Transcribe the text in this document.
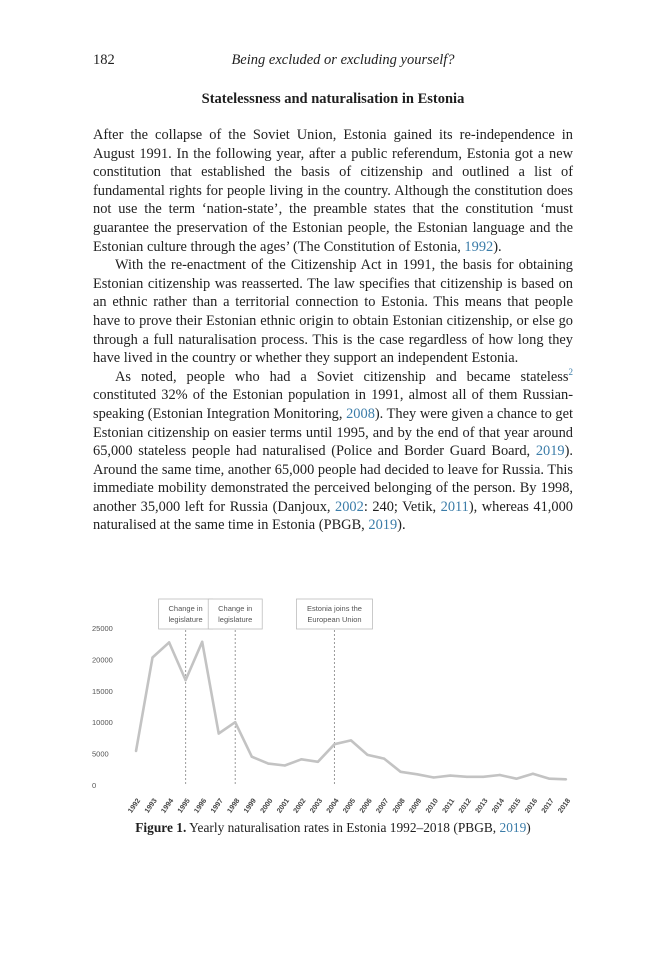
182	Being excluded or excluding yourself?
Statelessness and naturalisation in Estonia

After the collapse of the Soviet Union, Estonia gained its re-independence in August 1991. In the following year, after a public referendum, Estonia got a new constitution that established the basis of citizenship and outlined a list of fundamental rights for people living in the country. Although the constitution does not use the term ‘nation-state’, the preamble states that the constitution ‘must guarantee the preservation of the Estonian people, the Estonian language and the Estonian culture through the ages’ (The Constitution of Estonia, 1992).

With the re-enactment of the Citizenship Act in 1991, the basis for obtaining Estonian citizenship was reasserted. The law specifies that citizenship is based on an ethnic rather than a territorial connection to Estonia. This means that people have to prove their Estonian ethnic origin to obtain Estonian citizenship, or else go through a full naturalisation process. This is the case regardless of how long they have lived in the country or whether they support an independent Estonia.

As noted, people who had a Soviet citizenship and became stateless$^2$ constituted 32% of the Estonian population in 1991, almost all of them Russian-speaking (Estonian Integration Monitoring, 2008). They were given a chance to get Estonian citizenship on easier terms until 1995, and by the end of that year around 65,000 stateless people had naturalised (Police and Border Guard Board, 2019). Around the same time, another 65,000 people had decided to leave for Russia. This immediate mobility demonstrated the perceived belonging of the person. By 1998, another 35,000 left for Russia (Danjoux, 2002: 240; Vetik, 2011), whereas 41,000 naturalised at the same time in Estonia (PBGB, 2019).

0
5000
10000
15000
20000
25000
Change in
legislature
Change in
legislature
Estonia joins the
European Union
1992 1993 1994 1995 1996 1997 1998 1999 2000 2001 2002 2003 2004 2005 2006 2007 2008 2009 2010 2011 2012 2013 2014 2015 2016 2017 2018
Figure 1. Yearly naturalisation rates in Estonia 1992–2018 (PBGB, 2019)
